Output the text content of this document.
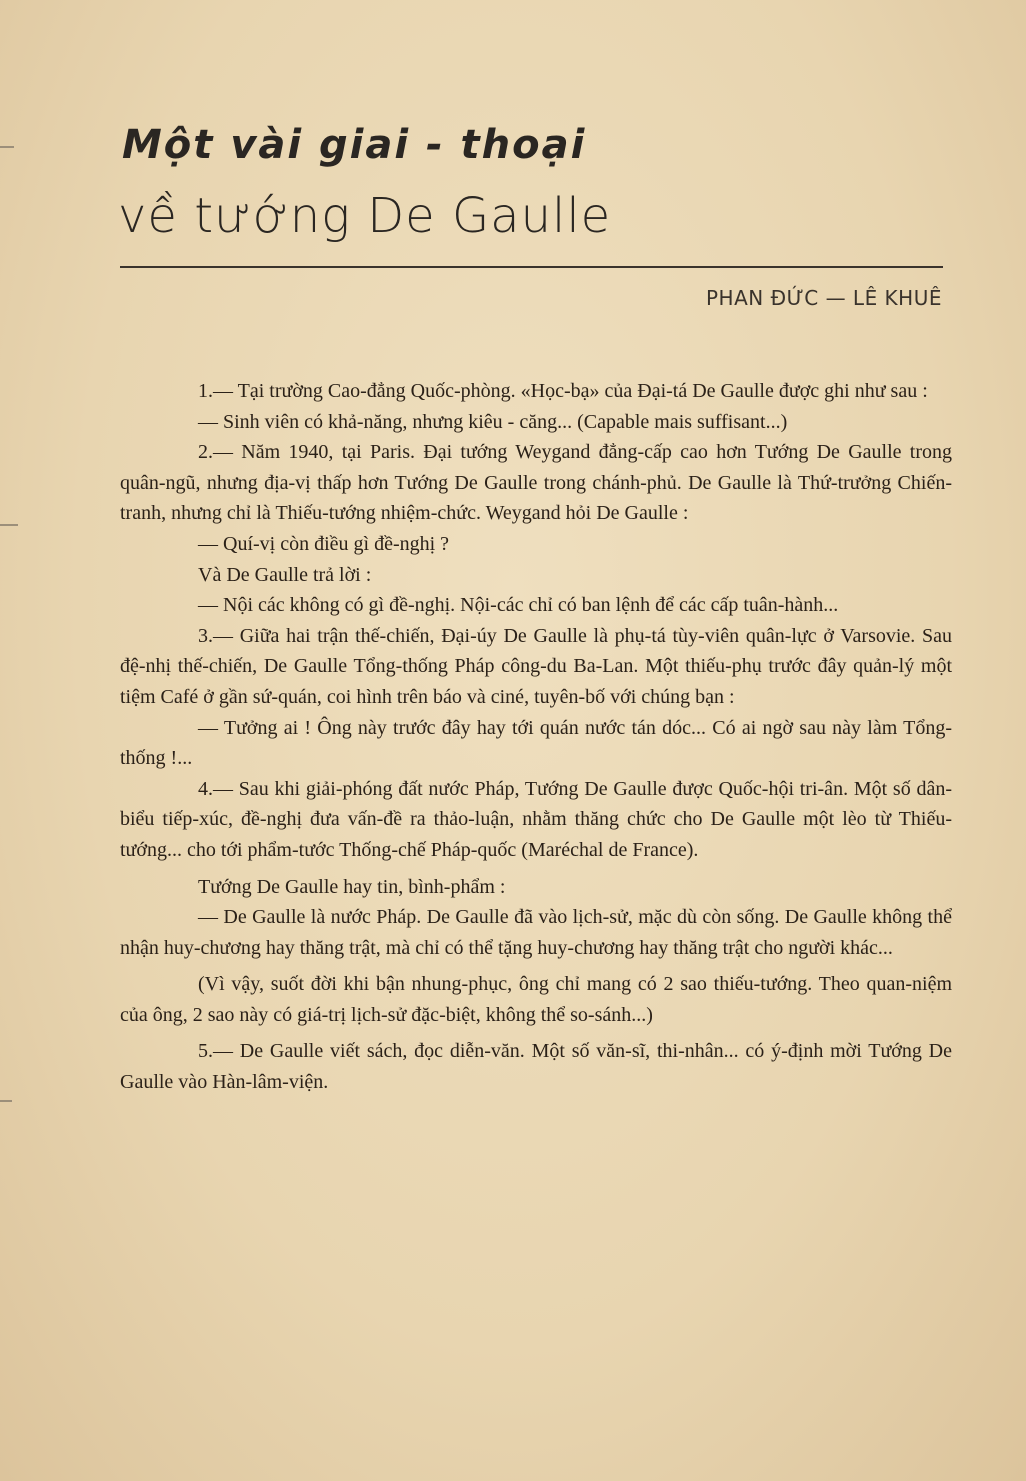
Một vài giai - thoại
về tướng De Gaulle
PHAN ĐỨC — LÊ KHUÊ

1.— Tại trường Cao-đẳng Quốc-phòng. «Học-bạ» của Đại-tá De Gaulle được ghi như sau :

— Sinh viên có khả-năng, nhưng kiêu - căng... (Capable mais suffisant...)

2.— Năm 1940, tại Paris. Đại tướng Weygand đẳng-cấp cao hơn Tướng De Gaulle trong quân-ngũ, nhưng địa-vị thấp hơn Tướng De Gaulle trong chánh-phủ. De Gaulle là Thứ-trưởng Chiến-tranh, nhưng chỉ là Thiếu-tướng nhiệm-chức. Weygand hỏi De Gaulle :

— Quí-vị còn điều gì đề-nghị ?

Và De Gaulle trả lời :

— Nội các không có gì đề-nghị. Nội-các chỉ có ban lệnh để các cấp tuân-hành...

3.— Giữa hai trận thế-chiến, Đại-úy De Gaulle là phụ-tá tùy-viên quân-lực ở Varsovie. Sau đệ-nhị thế-chiến, De Gaulle Tổng-thống Pháp công-du Ba-Lan. Một thiếu-phụ trước đây quản-lý một tiệm Café ở gần sứ-quán, coi hình trên báo và ciné, tuyên-bố với chúng bạn :

— Tưởng ai ! Ông này trước đây hay tới quán nước tán dóc... Có ai ngờ sau này làm Tổng-thống !...

4.— Sau khi giải-phóng đất nước Pháp, Tướng De Gaulle được Quốc-hội tri-ân. Một số dân-biểu tiếp-xúc, đề-nghị đưa vấn-đề ra thảo-luận, nhằm thăng chức cho De Gaulle một lèo từ Thiếu-tướng... cho tới phẩm-tước Thống-chế Pháp-quốc (Maréchal de France).

Tướng De Gaulle hay tin, bình-phẩm :

— De Gaulle là nước Pháp. De Gaulle đã vào lịch-sử, mặc dù còn sống. De Gaulle không thể nhận huy-chương hay thăng trật, mà chỉ có thể tặng huy-chương hay thăng trật cho người khác...

(Vì vậy, suốt đời khi bận nhung-phục, ông chỉ mang có 2 sao thiếu-tướng. Theo quan-niệm của ông, 2 sao này có giá-trị lịch-sử đặc-biệt, không thể so-sánh...)

5.— De Gaulle viết sách, đọc diễn-văn. Một số văn-sĩ, thi-nhân... có ý-định mời Tướng De Gaulle vào Hàn-lâm-viện.
